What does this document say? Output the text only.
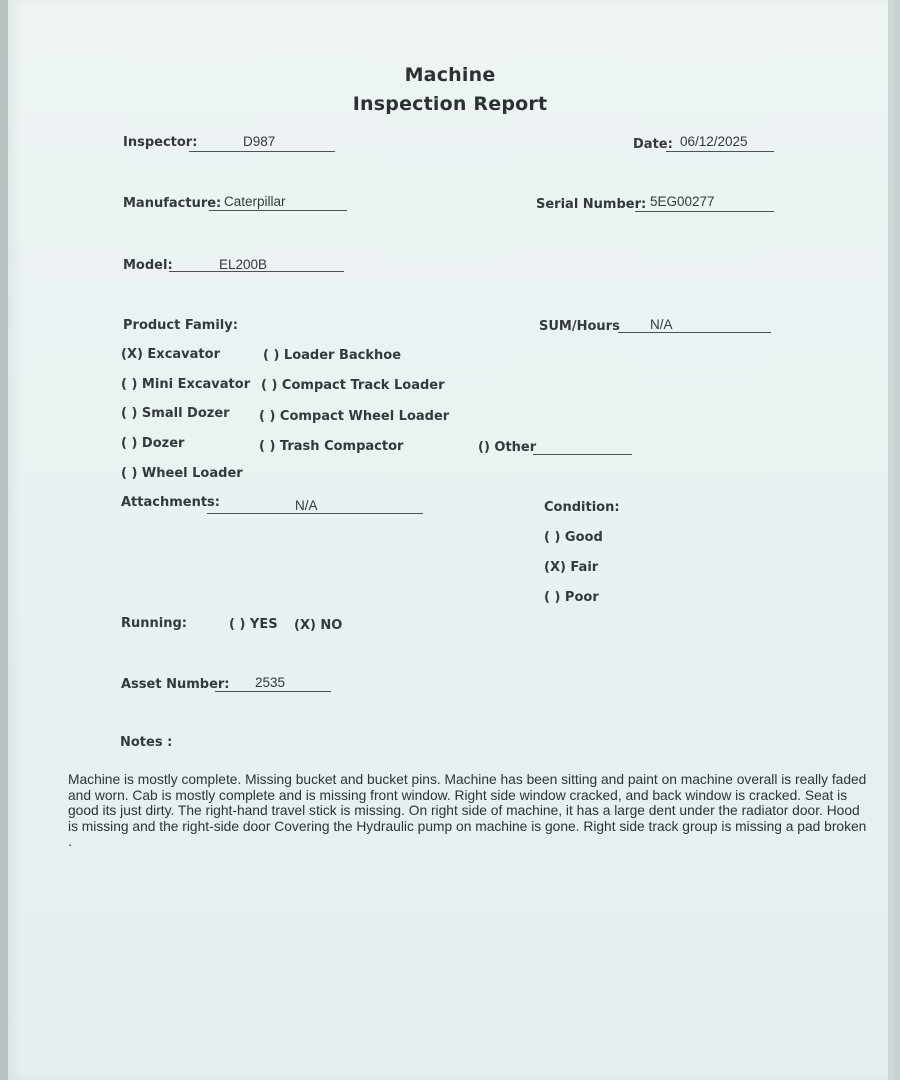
Machine
Inspection Report
Inspector:	D987	Date: 06/12/2025
Manufacture: Caterpillar	Serial Number: 5EG00277
Model:	EL200B
Product Family:
(X) Excavator
( ) Mini Excavator
( ) Small Dozer
( ) Dozer
( ) Wheel Loader
( ) Loader Backhoe
( ) Compact Track Loader
( ) Compact Wheel Loader
( ) Trash Compactor	() Other
SUM/Hours N/A
Attachments:	N/A	Condition:
( ) Good
(X) Fair
( ) Poor
Running:	( ) YES (X) NO
Asset Number: 2535
Notes :
Machine is mostly complete. Missing bucket and bucket pins. Machine has been sitting and paint on machine overall is really faded and worn. Cab is mostly complete and is missing front window. Right side window cracked, and back window is cracked. Seat is good its just dirty. The right-hand travel stick is missing. On right side of machine, it has a large dent under the radiator door. Hood is missing and the right-side door Covering the Hydraulic pump on machine is gone. Right side track group is missing a pad broken .
